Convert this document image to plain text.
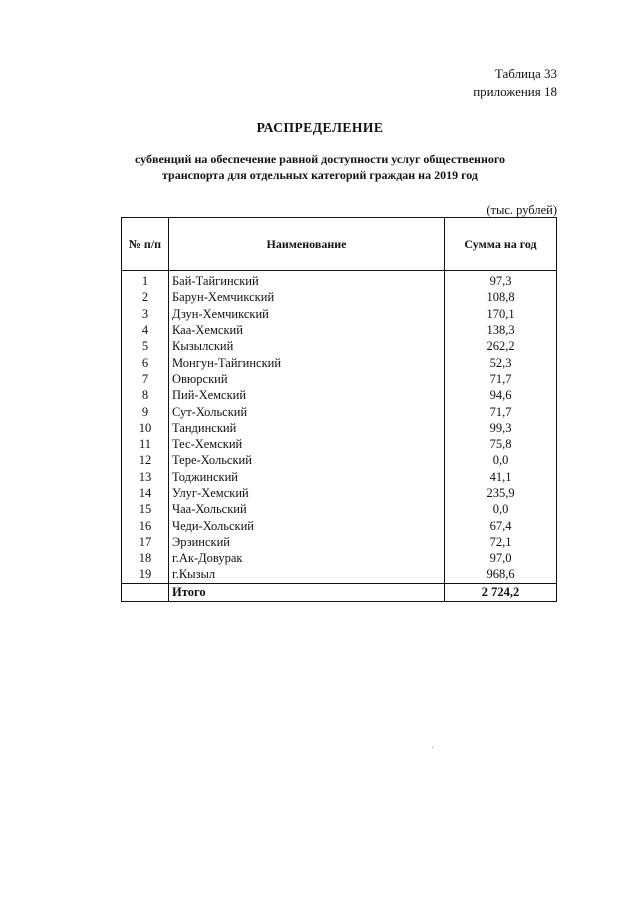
Таблица 33
приложения 18
РАСПРЕДЕЛЕНИЕ
субвенций на обеспечение равной доступности услуг общественного
транспорта для отдельных категорий граждан на 2019 год
(тыс. рублей)
№ п/п	Наименование	Сумма на год
1	Бай-Тайгинский	97,3
2	Барун-Хемчикский	108,8
3	Дзун-Хемчикский	170,1
4	Каа-Хемский	138,3
5	Кызылский	262,2
6	Монгун-Тайгинский	52,3
7	Овюрский	71,7
8	Пий-Хемский	94,6
9	Сут-Хольский	71,7
10	Тандинский	99,3
11	Тес-Хемский	75,8
12	Тере-Хольский	0,0
13	Тоджинский	41,1
14	Улуг-Хемский	235,9
15	Чаа-Хольский	0,0
16	Чеди-Хольский	67,4
17	Эрзинский	72,1
18	г.Ак-Довурак	97,0
19	г.Кызыл	968,6
	Итого	2 724,2
